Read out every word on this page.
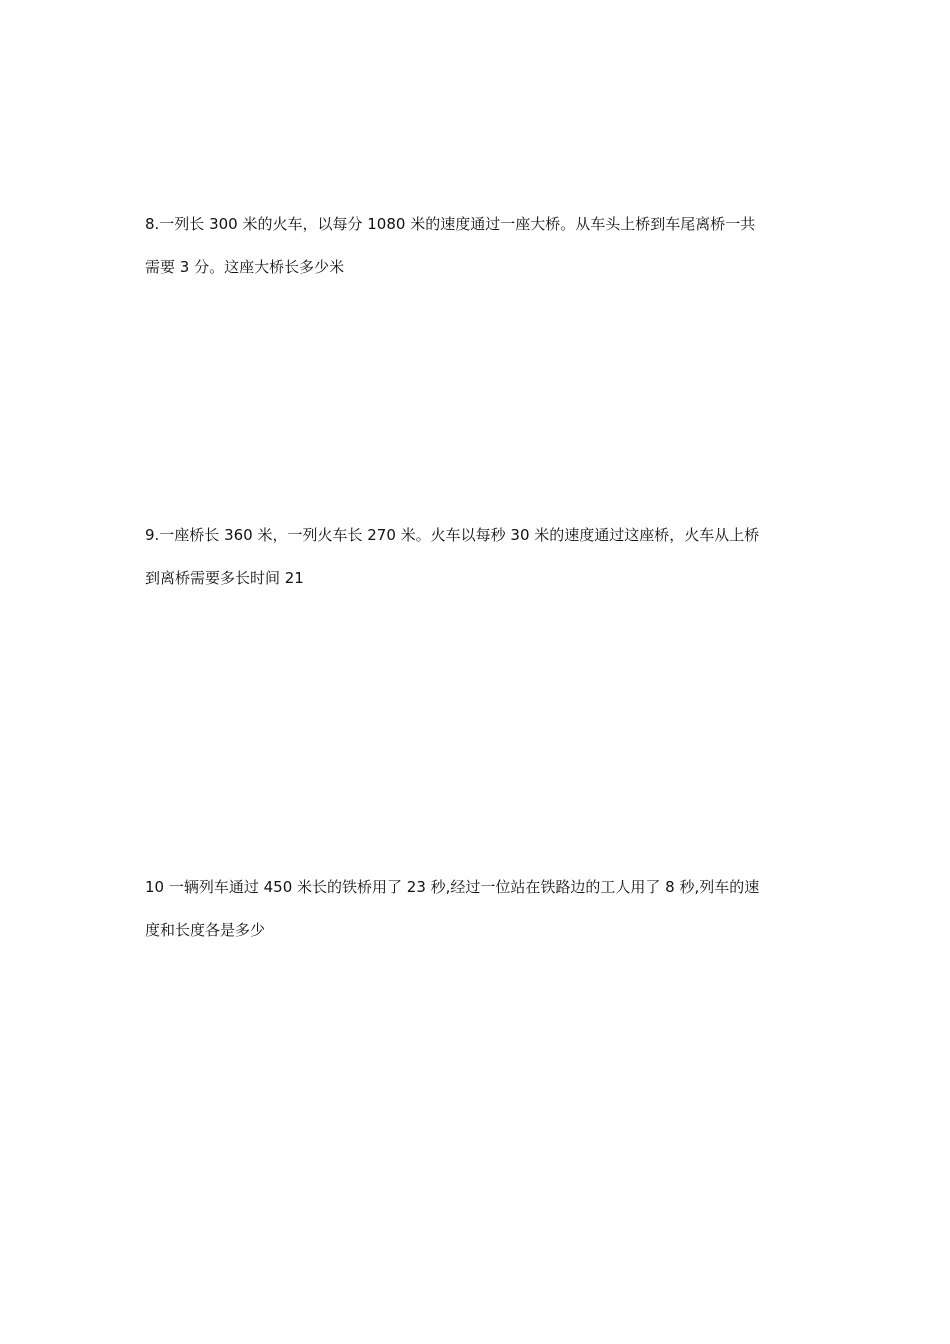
8.一列长 300 米的火车，以每分 1080 米的速度通过一座大桥。从车头上桥到车尾离桥一共
需要 3 分。这座大桥长多少米
9.一座桥长 360 米，一列火车长 270 米。火车以每秒 30 米的速度通过这座桥，火车从上桥
到离桥需要多长时间 21
10 一辆列车通过 450 米长的铁桥用了 23 秒,经过一位站在铁路边的工人用了 8 秒,列车的速
度和长度各是多少
